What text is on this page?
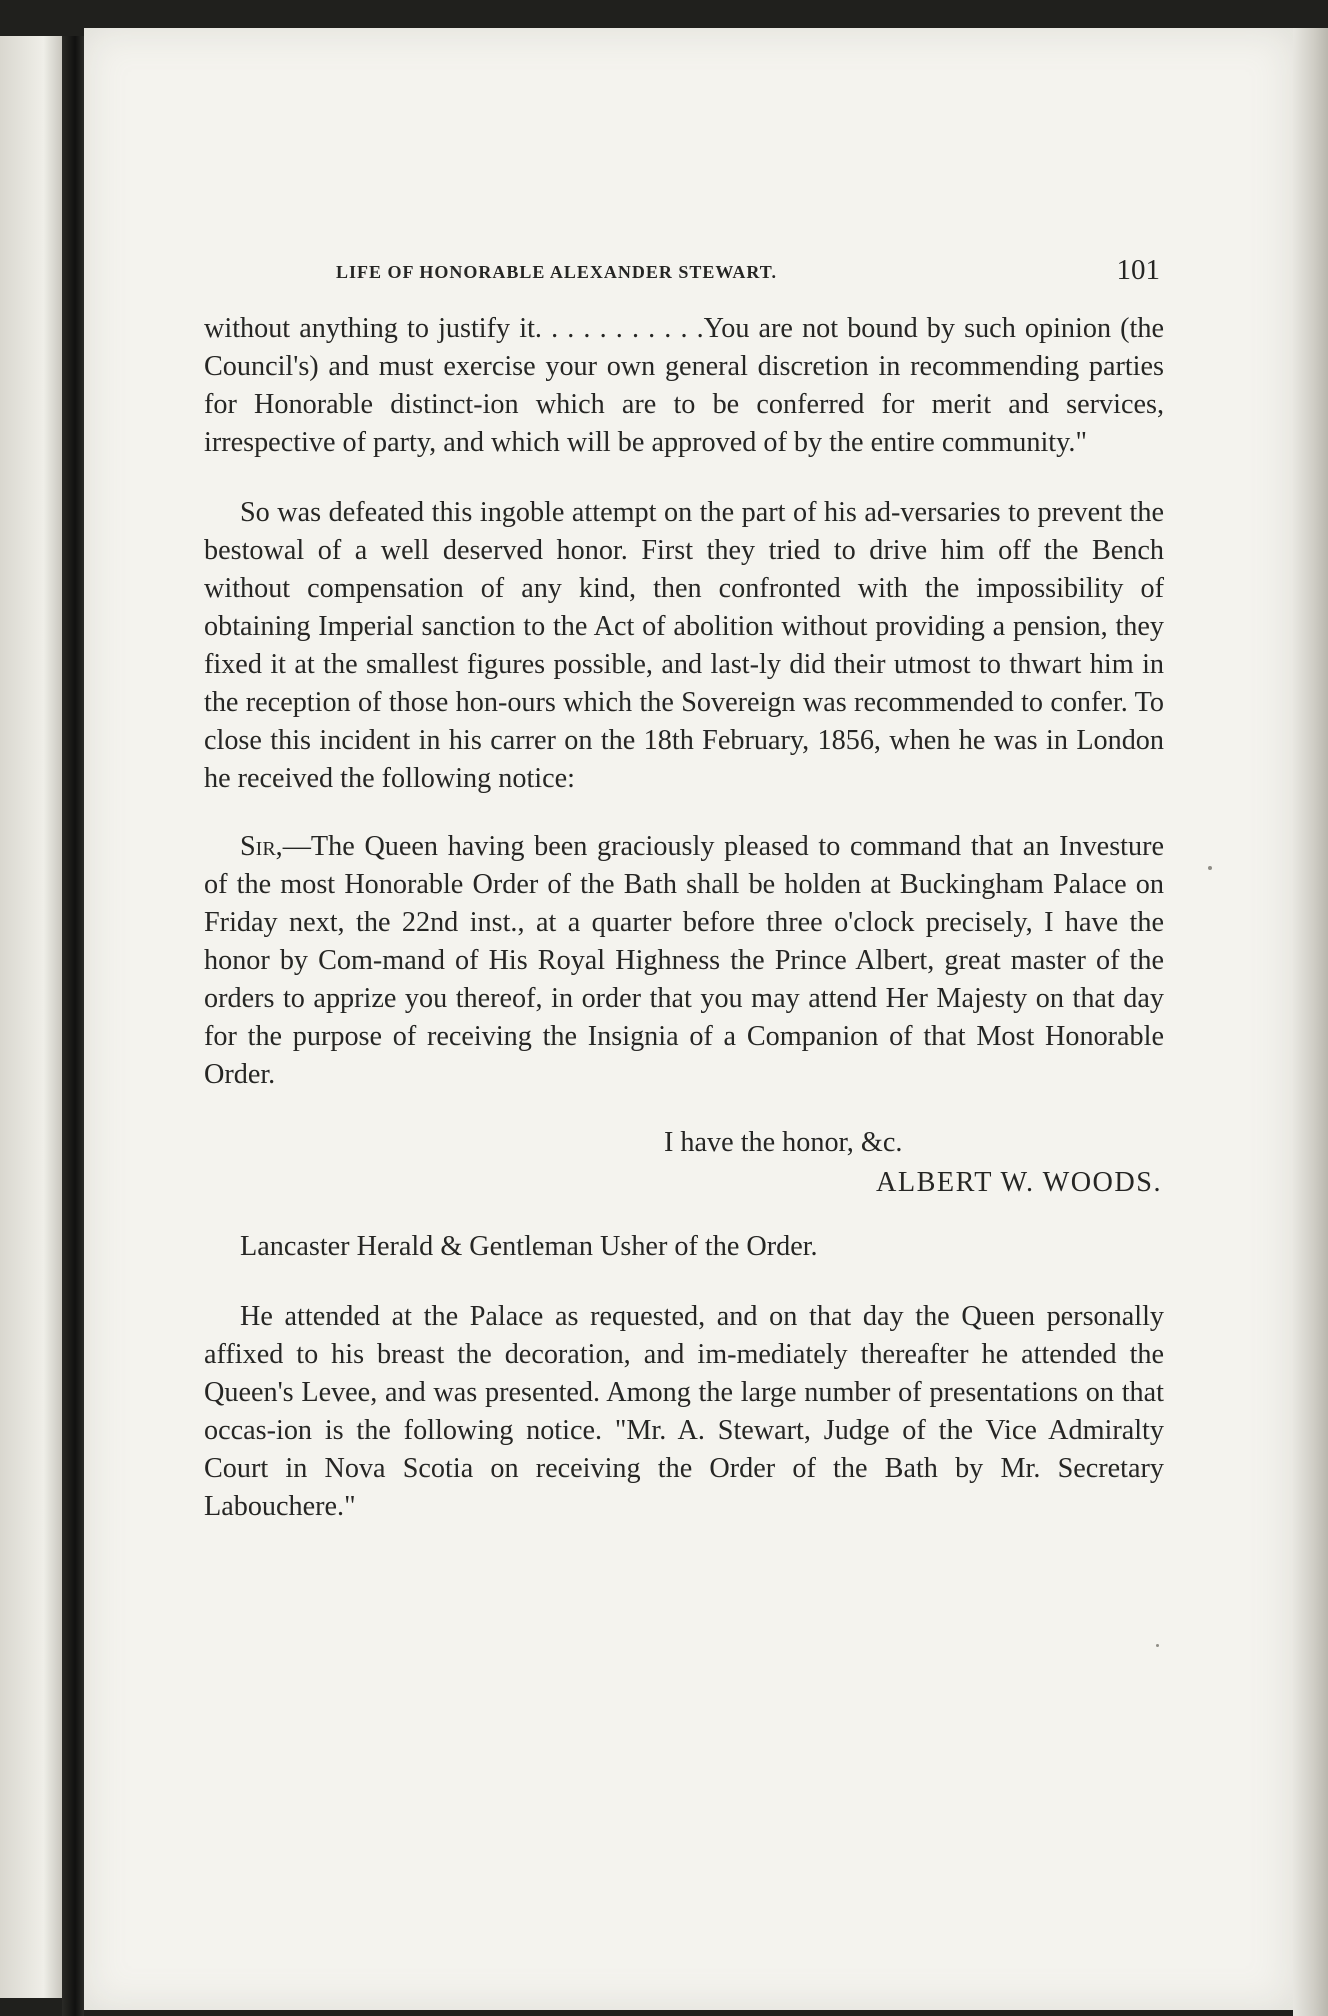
LIFE OF HONORABLE ALEXANDER STEWART.	101

without anything to justify it. . . . . . . . . . .You are not bound by such opinion (the Council's) and must exercise your own general discretion in recommending parties for Honorable distinct-ion which are to be conferred for merit and services, irrespective of party, and which will be approved of by the entire community."

So was defeated this ingoble attempt on the part of his ad-versaries to prevent the bestowal of a well deserved honor. First they tried to drive him off the Bench without compensation of any kind, then confronted with the impossibility of obtaining Imperial sanction to the Act of abolition without providing a pension, they fixed it at the smallest figures possible, and last-ly did their utmost to thwart him in the reception of those hon-ours which the Sovereign was recommended to confer. To close this incident in his carrer on the 18th February, 1856, when he was in London he received the following notice:

Sir,—The Queen having been graciously pleased to command that an Investure of the most Honorable Order of the Bath shall be holden at Buckingham Palace on Friday next, the 22nd inst., at a quarter before three o'clock precisely, I have the honor by Com-mand of His Royal Highness the Prince Albert, great master of the orders to apprize you thereof, in order that you may attend Her Majesty on that day for the purpose of receiving the Insignia of a Companion of that Most Honorable Order.

I have the honor, &c.
ALBERT W. WOODS.
Lancaster Herald & Gentleman Usher of the Order.

He attended at the Palace as requested, and on that day the Queen personally affixed to his breast the decoration, and im-mediately thereafter he attended the Queen's Levee, and was presented. Among the large number of presentations on that occas-ion is the following notice. "Mr. A. Stewart, Judge of the Vice Admiralty Court in Nova Scotia on receiving the Order of the Bath by Mr. Secretary Labouchere."
